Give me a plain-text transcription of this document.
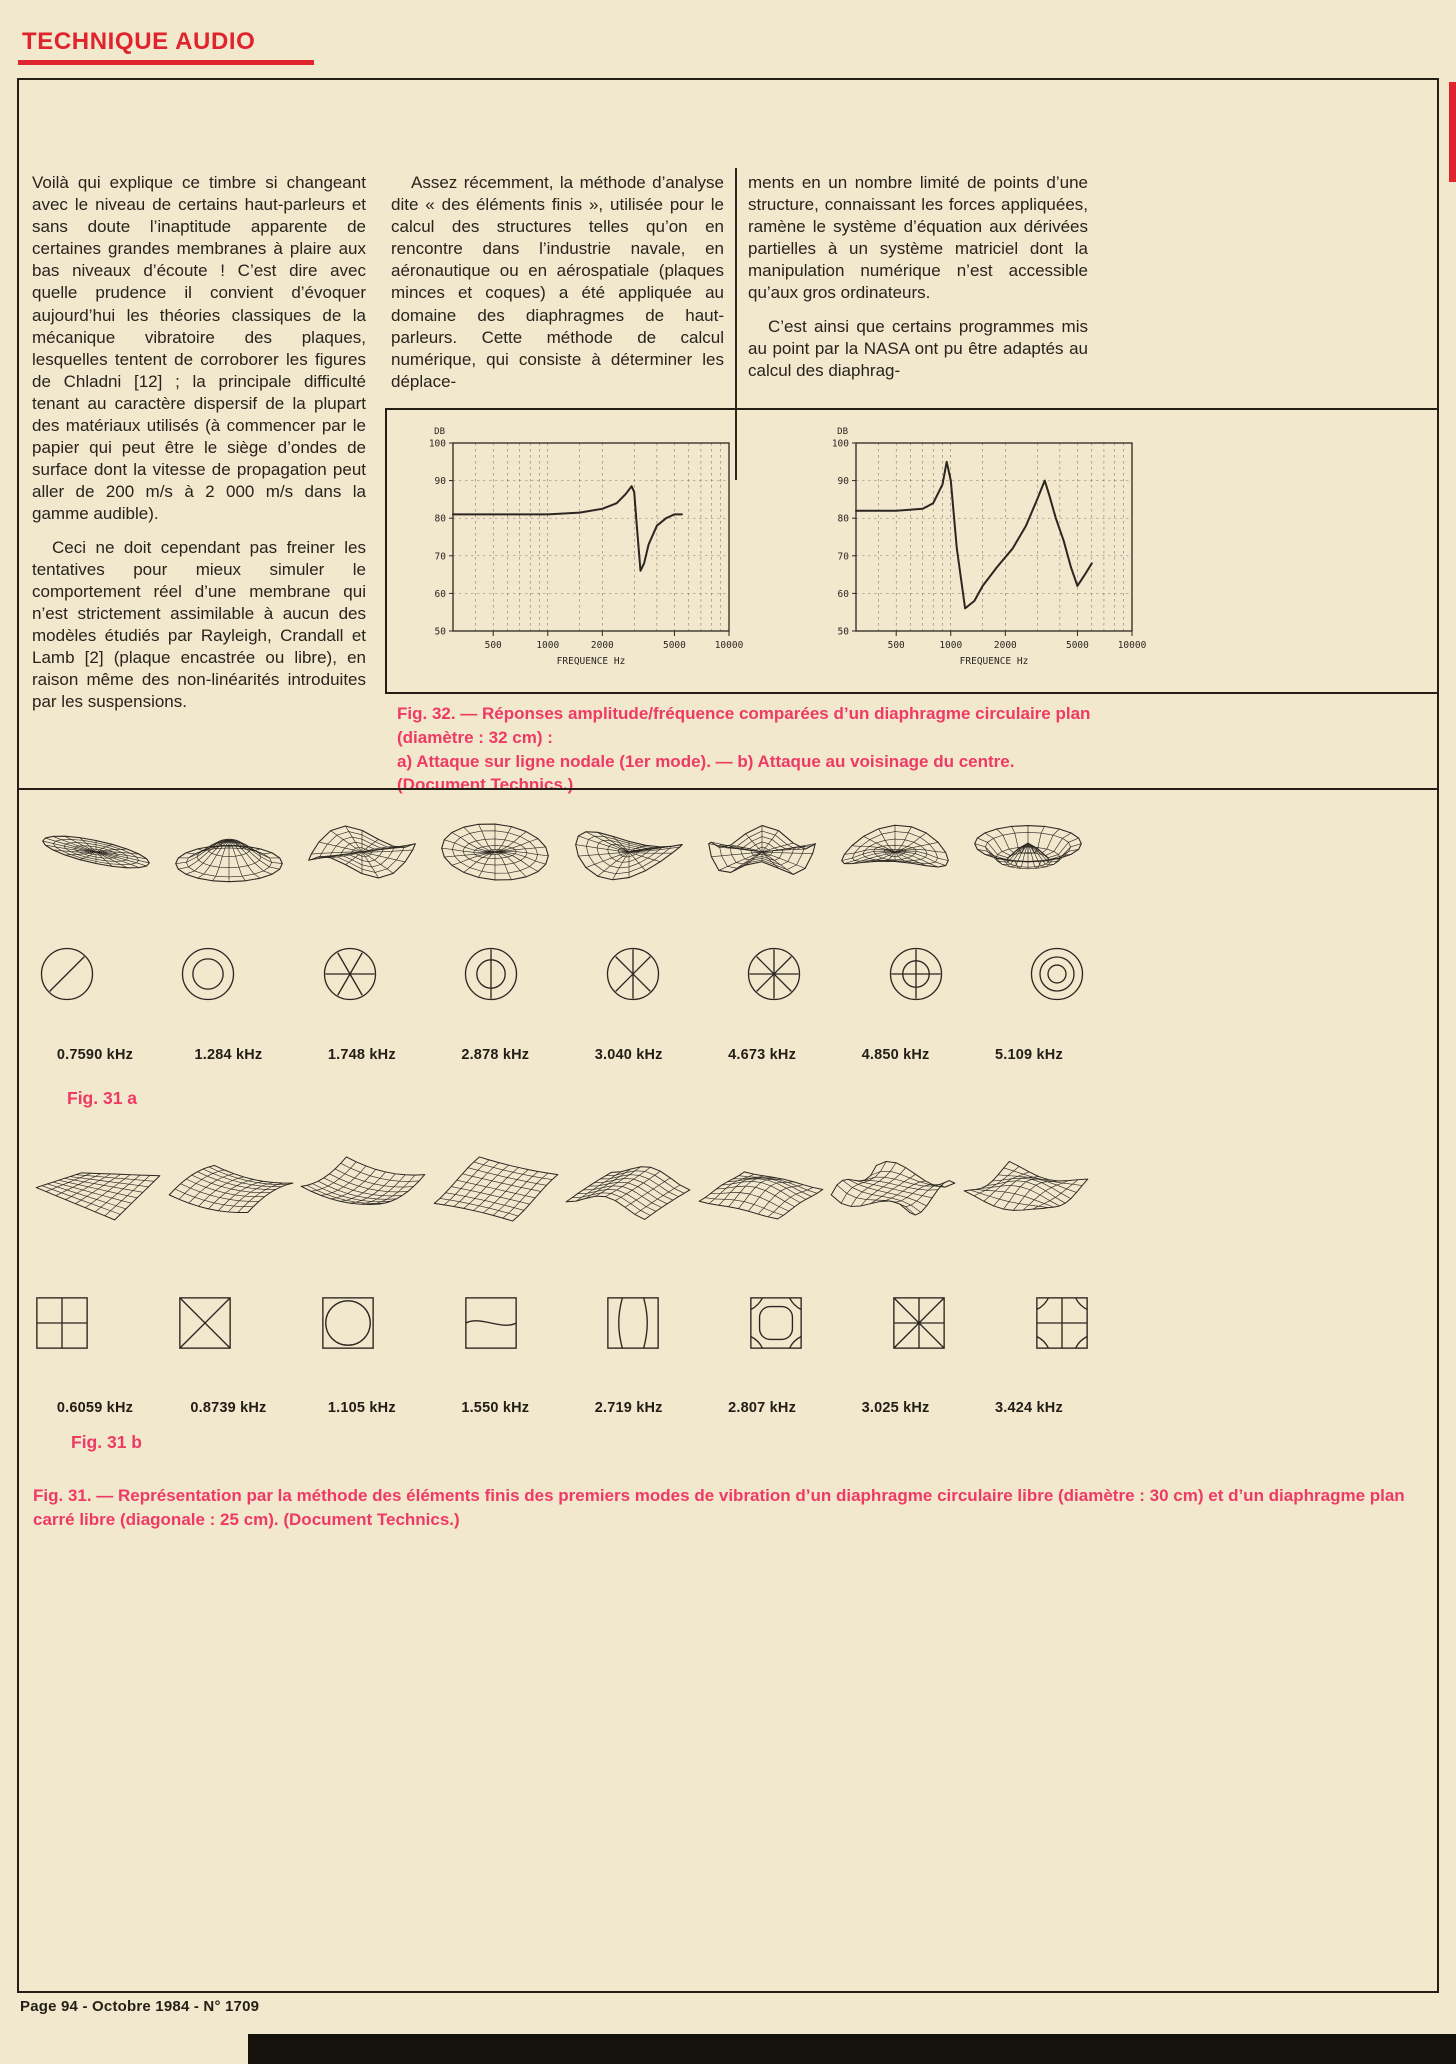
TECHNIQUE AUDIO

Voilà qui explique ce timbre si changeant avec le niveau de certains haut-parleurs et sans doute l’inaptitude apparente de certaines grandes membranes à plaire aux bas niveaux d’écoute ! C’est dire avec quelle prudence il convient d’évoquer aujourd’hui les théories classiques de la mécanique vibratoire des plaques, lesquelles tentent de corroborer les figures de Chladni [12] ; la principale difficulté tenant au caractère dispersif de la plupart des matériaux utilisés (à commencer par le papier qui peut être le siège d’ondes de surface dont la vitesse de propagation peut aller de 200 m/s à 2 000 m/s dans la gamme audible).

Ceci ne doit cependant pas freiner les tentatives pour mieux simuler le comportement réel d’une membrane qui n’est strictement assimilable à aucun des modèles étudiés par Rayleigh, Crandall et Lamb [2] (plaque encastrée ou libre), en raison même des non-linéarités introduites par les suspensions.

Assez récemment, la méthode d’analyse dite « des éléments finis », utilisée pour le calcul des structures telles qu’on en rencontre dans l’industrie navale, en aéronautique ou en aérospatiale (plaques minces et coques) a été appliquée au domaine des diaphragmes de haut-parleurs. Cette méthode de calcul numérique, qui consiste à déterminer les déplace-

ments en un nombre limité de points d’une structure, connaissant les forces appliquées, ramène le système d’équation aux dérivées partielles à un système matriciel dont la manipulation numérique n’est accessible qu’aux gros ordinateurs.

C’est ainsi que certains programmes mis au point par la NASA ont pu être adaptés au calcul des diaphrag-

50
60
70
80
90
100
DB
500	1000	2000	5000	10000
FREQUENCE Hz
50
60
70
80
90
100
DB
500	1000	2000	5000	10000
FREQUENCE Hz

Fig. 32. — Réponses amplitude/fréquence comparées d’un diaphragme circulaire plan (diamètre : 32 cm) :

a) Attaque sur ligne nodale (1er mode). — b) Attaque au voisinage du centre. (Document Technics.)

0.7590 kHz	1.284 kHz	1.748 kHz	2.878 kHz	3.040 kHz	4.673 kHz	4.850 kHz	5.109 kHz
Fig. 31 a
0.6059 kHz	0.8739 kHz	1.105 kHz	1.550 kHz	2.719 kHz	2.807 kHz	3.025 kHz	3.424 kHz
Fig. 31 b
Fig. 31. — Représentation par la méthode des éléments finis des premiers modes de vibration d’un diaphragme circulaire libre (diamètre : 30 cm) et d’un diaphragme plan carré libre (diagonale : 25 cm). (Document Technics.)
Page 94 - Octobre 1984 - N° 1709
